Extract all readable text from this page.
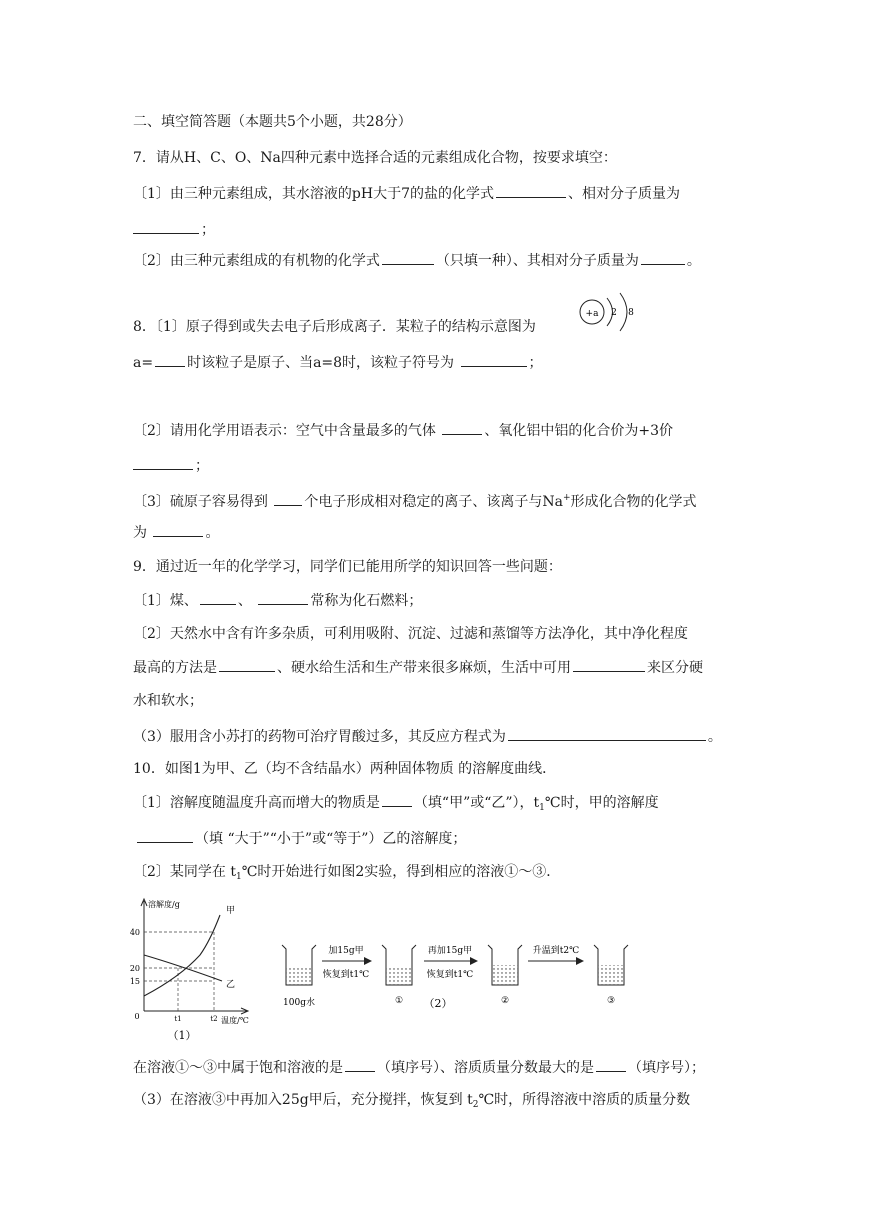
二、填空简答题（本题共5个小题，共28分）
7．请从H、C、O、Na四种元素中选择合适的元素组成化合物，按要求填空：
〔1〕由三种元素组成，其水溶液的pH大于7的盐的化学式	、相对分子质量为
；
〔2〕由三种元素组成的有机物的化学式	（只填一种）、其相对分子质量为	。
8．〔1〕原子得到或失去电子后形成离子．某粒子的结构示意图为
+a 2 8
a= 时该粒子是原子、当a=8时，该粒子符号为	；
〔2〕请用化学用语表示：空气中含量最多的气体	、氧化铝中铝的化合价为+3价
；
〔3〕硫原子容易得到	个电子形成相对稳定的离子、该离子与Na+形成化合物的化学式
为	。
9．通过近一年的化学学习，同学们已能用所学的知识回答一些问题：
〔1〕煤、	、	常称为化石燃料；
〔2〕天然水中含有许多杂质，可利用吸附、沉淀、过滤和蒸馏等方法净化，其中净化程度
最高的方法是	、硬水给生活和生产带来很多麻烦，生活中可用	来区分硬
水和软水；
（3）服用含小苏打的药物可治疗胃酸过多，其反应方程式为	。
10．如图1为甲、乙（均不含结晶水）两种固体物质 的溶解度曲线．
〔1〕溶解度随温度升高而增大的物质是 （填“甲”或“乙”），$t_1℃$时，甲的溶解度
（填 “大于”“小于”或“等于”）乙的溶解度；
〔2〕某同学在 $t_1℃$时开始进行如图2实验，得到相应的溶液①～③．
溶解度/g
温度/℃
0
40
20
15
甲
乙
t1	t2
（1）
100g水
加15g甲
恢复到t1℃
①
再加15g甲
恢复到t1℃
②
升温到t2℃
③
（2）
在溶液①～③中属于饱和溶液的是 （填序号）、溶质质量分数最大的是 （填序号）；
（3）在溶液③中再加入25g甲后，充分搅拌，恢复到 $t_2℃$时，所得溶液中溶质的质量分数
